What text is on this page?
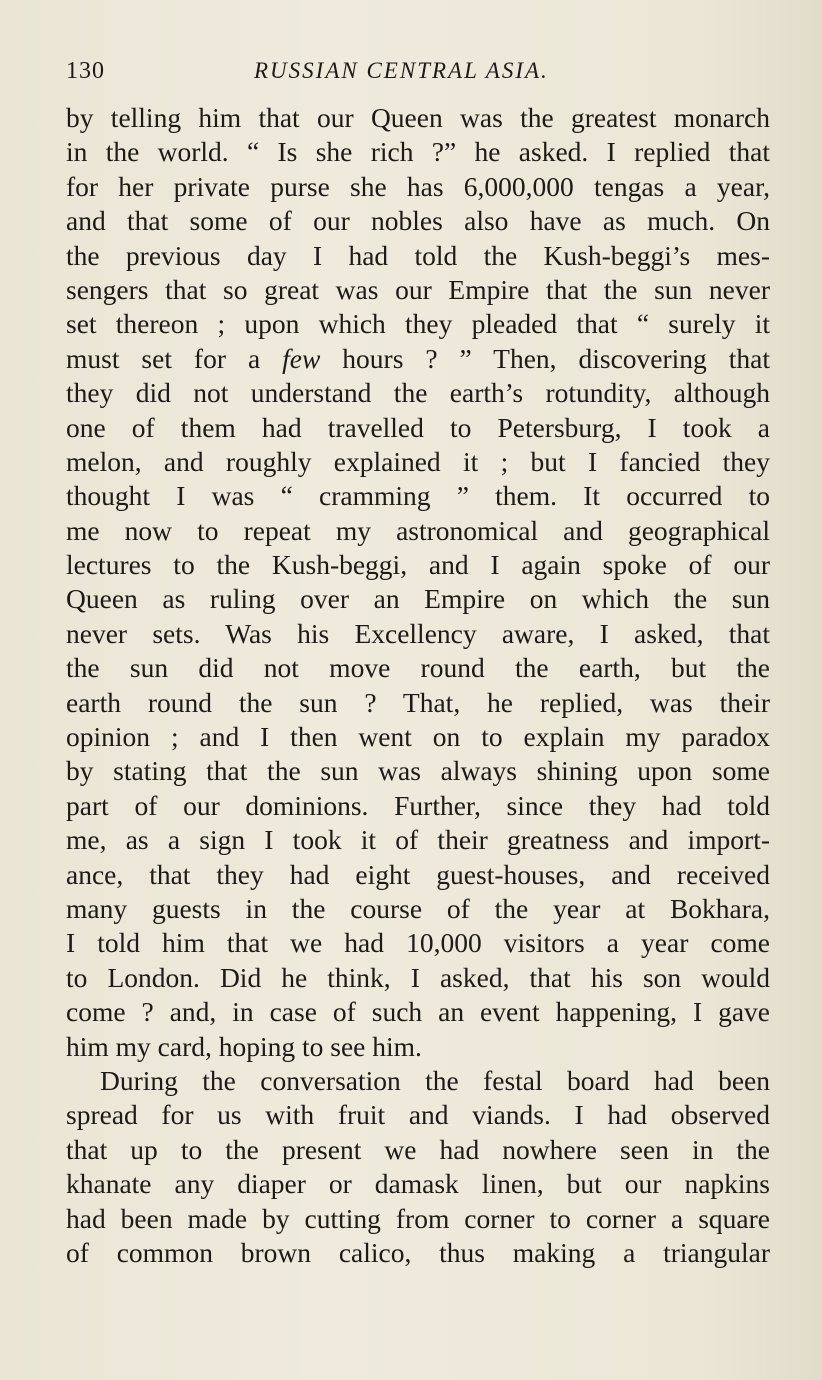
130	RUSSIAN CENTRAL ASIA.
by telling him that our Queen was the greatest monarch
in the world. “ Is she rich ?” he asked. I replied that
for her private purse she has 6,000,000 tengas a year,
and that some of our nobles also have as much. On
the previous day I had told the Kush-beggi’s mes-
sengers that so great was our Empire that the sun never
set thereon ; upon which they pleaded that “ surely it
must set for a few hours ? ” Then, discovering that
they did not understand the earth’s rotundity, although
one of them had travelled to Petersburg, I took a
melon, and roughly explained it ; but I fancied they
thought I was “ cramming ” them. It occurred to
me now to repeat my astronomical and geographical
lectures to the Kush-beggi, and I again spoke of our
Queen as ruling over an Empire on which the sun
never sets. Was his Excellency aware, I asked, that
the sun did not move round the earth, but the
earth round the sun ? That, he replied, was their
opinion ; and I then went on to explain my paradox
by stating that the sun was always shining upon some
part of our dominions. Further, since they had told
me, as a sign I took it of their greatness and import-
ance, that they had eight guest-houses, and received
many guests in the course of the year at Bokhara,
I told him that we had 10,000 visitors a year come
to London. Did he think, I asked, that his son would
come ? and, in case of such an event happening, I gave
him my card, hoping to see him.
During the conversation the festal board had been
spread for us with fruit and viands. I had observed
that up to the present we had nowhere seen in the
khanate any diaper or damask linen, but our napkins
had been made by cutting from corner to corner a square
of common brown calico, thus making a triangular
